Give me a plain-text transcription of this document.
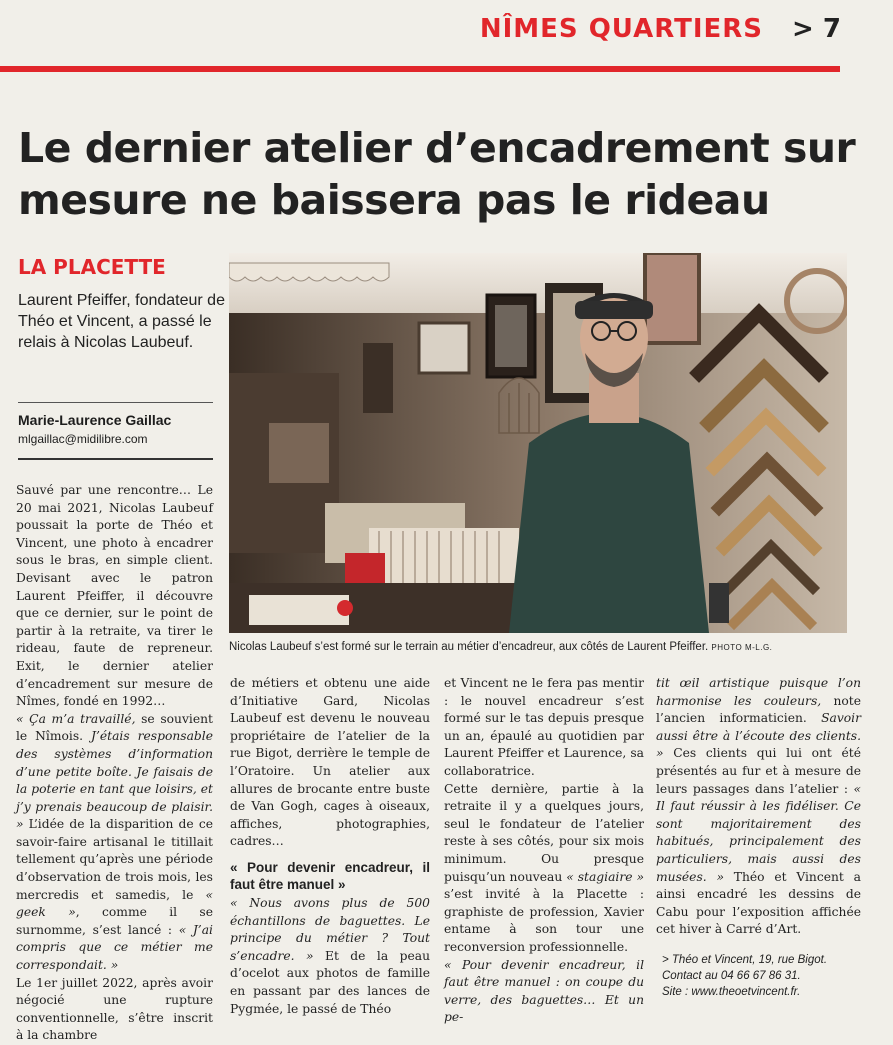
NÎMES QUARTIERS > 7
Le dernier atelier d’encadrement sur mesure ne baissera pas le rideau
LA PLACETTE
Laurent Pfeiffer, fondateur de Théo et Vincent, a passé le relais à Nicolas Laubeuf.
Marie-Laurence Gaillac
mlgaillac@midilibre.com
Nicolas Laubeuf s’est formé sur le terrain au métier d’encadreur, aux côtés de Laurent Pfeiffer. PHOTO M-L.G.

Sauvé par une rencontre… Le 20 mai 2021, Nicolas Laubeuf poussait la porte de Théo et Vincent, une photo à encadrer sous le bras, en simple client. Devisant avec le patron Laurent Pfeiffer, il découvre que ce dernier, sur le point de partir à la retraite, va tirer le rideau, faute de repreneur. Exit, le dernier atelier d’encadrement sur mesure de Nîmes, fondé en 1992…

« Ça m’a travaillé, se souvient le Nîmois. J’étais responsable des systèmes d’information d’une petite boîte. Je faisais de la poterie en tant que loisirs, et j’y prenais beaucoup de plaisir. » L’idée de la disparition de ce savoir-faire artisanal le titillait tellement qu’après une période d’observation de trois mois, les mercredis et samedis, le « geek », comme il se surnomme, s’est lancé : « J’ai compris que ce métier me correspondait. »

Le 1er juillet 2022, après avoir négocié une rupture conventionnelle, s’être inscrit à la chambre

de métiers et obtenu une aide d’Initiative Gard, Nicolas Laubeuf est devenu le nouveau propriétaire de l’atelier de la rue Bigot, derrière le temple de l’Oratoire. Un atelier aux allures de brocante entre buste de Van Gogh, cages à oiseaux, affiches, photographies, cadres…

« Pour devenir encadreur, il faut être manuel »

« Nous avons plus de 500 échantillons de baguettes. Le principe du métier ? Tout s’encadre. » Et de la peau d’ocelot aux photos de famille en passant par des lances de Pygmée, le passé de Théo

et Vincent ne le fera pas mentir : le nouvel encadreur s’est formé sur le tas depuis presque un an, épaulé au quotidien par Laurent Pfeiffer et Laurence, sa collaboratrice.

Cette dernière, partie à la retraite il y a quelques jours, seul le fondateur de l’atelier reste à ses côtés, pour six mois minimum. Ou presque puisqu’un nouveau « stagiaire » s’est invité à la Placette : graphiste de profession, Xavier entame à son tour une reconversion professionnelle.

« Pour devenir encadreur, il faut être manuel : on coupe du verre, des baguettes… Et un pe-

tit œil artistique puisque l’on harmonise les couleurs, note l’ancien informaticien. Savoir aussi être à l’écoute des clients. » Ces clients qui lui ont été présentés au fur et à mesure de leurs passages dans l’atelier : « Il faut réussir à les fidéliser. Ce sont majoritairement des habitués, principalement des particuliers, mais aussi des musées. » Théo et Vincent a ainsi encadré les dessins de Cabu pour l’exposition affichée cet hiver à Carré d’Art.

> Théo et Vincent, 19, rue Bigot.
Contact au 04 66 67 86 31.
Site : www.theoetvincent.fr.
